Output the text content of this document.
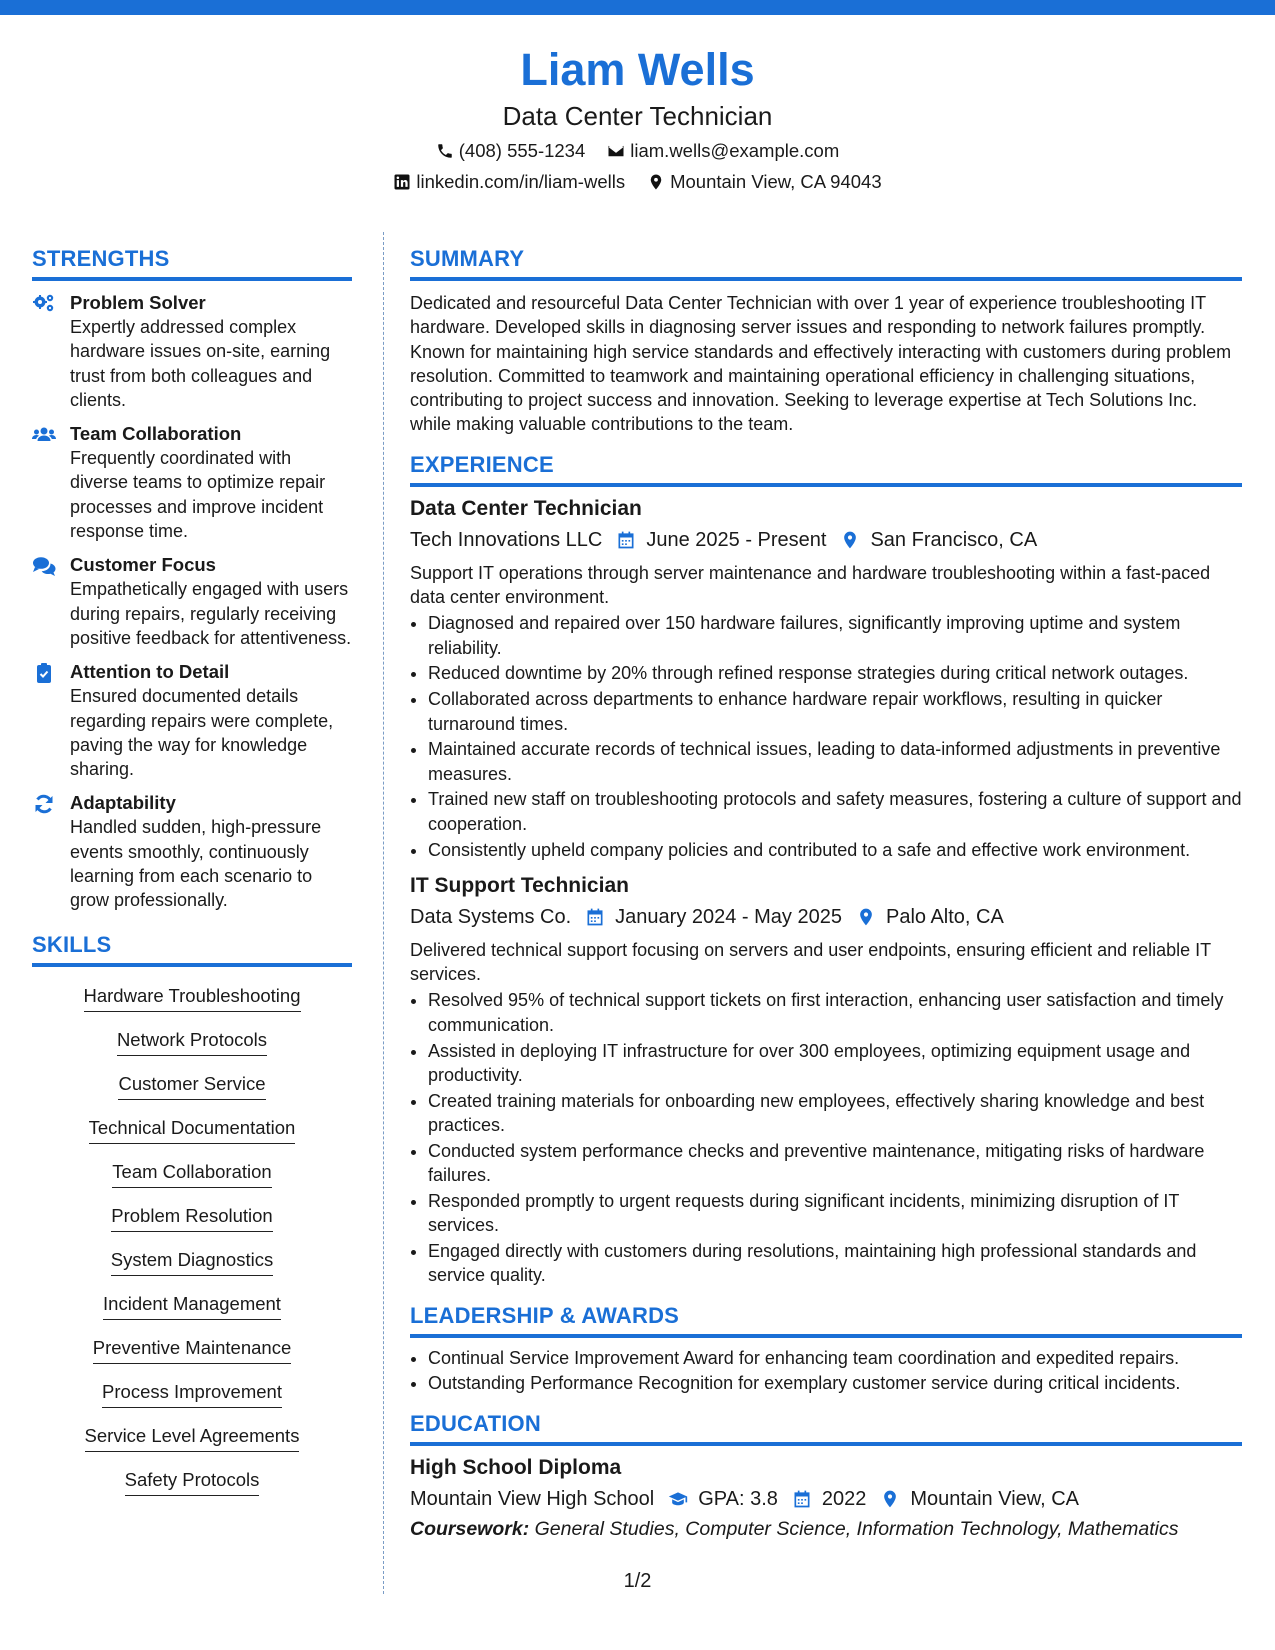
Liam Wells
Data Center Technician
(408) 555-1234 liam.wells@example.com
linkedin.com/in/liam-wells Mountain View, CA 94043
STRENGTHS
Problem Solver
Expertly addressed complex hardware issues on-site, earning trust from both colleagues and clients.
Team Collaboration
Frequently coordinated with diverse teams to optimize repair processes and improve incident response time.
Customer Focus
Empathetically engaged with users during repairs, regularly receiving positive feedback for attentiveness.
Attention to Detail
Ensured documented details regarding repairs were complete, paving the way for knowledge sharing.
Adaptability
Handled sudden, high-pressure events smoothly, continuously learning from each scenario to grow professionally.
SKILLS
Hardware Troubleshooting
Network Protocols
Customer Service
Technical Documentation
Team Collaboration
Problem Resolution
System Diagnostics
Incident Management
Preventive Maintenance
Process Improvement
Service Level Agreements
Safety Protocols
SUMMARY
Dedicated and resourceful Data Center Technician with over 1 year of experience troubleshooting IT hardware. Developed skills in diagnosing server issues and responding to network failures promptly. Known for maintaining high service standards and effectively interacting with customers during problem resolution. Committed to teamwork and maintaining operational efficiency in challenging situations, contributing to project success and innovation. Seeking to leverage expertise at Tech Solutions Inc. while making valuable contributions to the team.
EXPERIENCE
Data Center Technician
Tech Innovations LLC June 2025 - Present San Francisco, CA
Support IT operations through server maintenance and hardware troubleshooting within a fast-paced data center environment.
• Diagnosed and repaired over 150 hardware failures, significantly improving uptime and system reliability.
• Reduced downtime by 20% through refined response strategies during critical network outages.
• Collaborated across departments to enhance hardware repair workflows, resulting in quicker turnaround times.
• Maintained accurate records of technical issues, leading to data-informed adjustments in preventive measures.
• Trained new staff on troubleshooting protocols and safety measures, fostering a culture of support and cooperation.
• Consistently upheld company policies and contributed to a safe and effective work environment.
IT Support Technician
Data Systems Co. January 2024 - May 2025 Palo Alto, CA
Delivered technical support focusing on servers and user endpoints, ensuring efficient and reliable IT services.
• Resolved 95% of technical support tickets on first interaction, enhancing user satisfaction and timely communication.
• Assisted in deploying IT infrastructure for over 300 employees, optimizing equipment usage and productivity.
• Created training materials for onboarding new employees, effectively sharing knowledge and best practices.
• Conducted system performance checks and preventive maintenance, mitigating risks of hardware failures.
• Responded promptly to urgent requests during significant incidents, minimizing disruption of IT services.
• Engaged directly with customers during resolutions, maintaining high professional standards and service quality.
LEADERSHIP & AWARDS
• Continual Service Improvement Award for enhancing team coordination and expedited repairs.
• Outstanding Performance Recognition for exemplary customer service during critical incidents.
EDUCATION
High School Diploma
Mountain View High School GPA: 3.8 2022 Mountain View, CA
Coursework: General Studies, Computer Science, Information Technology, Mathematics
1/2
